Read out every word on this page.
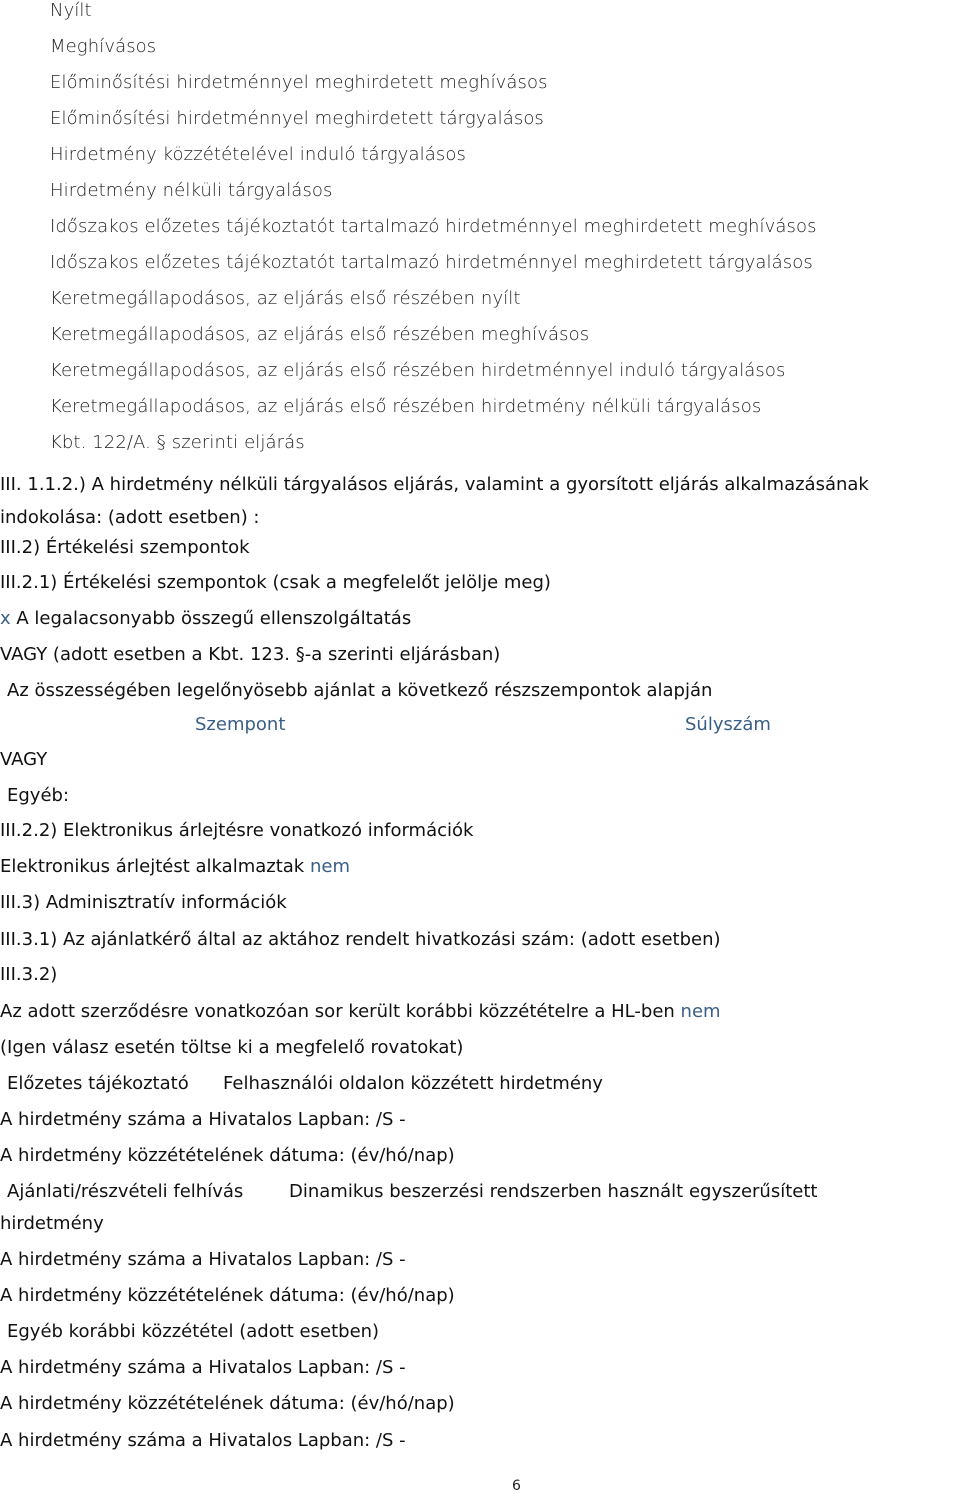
Nyílt
Meghívásos
Előminősítési hirdetménnyel meghirdetett meghívásos
Előminősítési hirdetménnyel meghirdetett tárgyalásos
Hirdetmény közzétételével induló tárgyalásos
Hirdetmény nélküli tárgyalásos
Időszakos előzetes tájékoztatót tartalmazó hirdetménnyel meghirdetett meghívásos
Időszakos előzetes tájékoztatót tartalmazó hirdetménnyel meghirdetett tárgyalásos
Keretmegállapodásos, az eljárás első részében nyílt
Keretmegállapodásos, az eljárás első részében meghívásos
Keretmegállapodásos, az eljárás első részében hirdetménnyel induló tárgyalásos
Keretmegállapodásos, az eljárás első részében hirdetmény nélküli tárgyalásos
Kbt. 122/A. § szerinti eljárás
III. 1.1.2.) A hirdetmény nélküli tárgyalásos eljárás, valamint a gyorsított eljárás alkalmazásának indokolása: (adott esetben) :
III.2) Értékelési szempontok
III.2.1) Értékelési szempontok (csak a megfelelőt jelölje meg)
x A legalacsonyabb összegű ellenszolgáltatás
VAGY (adott esetben a Kbt. 123. §-a szerinti eljárásban)
Az összességében legelőnyösebb ajánlat a következő részszempontok alapján
Szempont	Súlyszám
VAGY
Egyéb:
III.2.2) Elektronikus árlejtésre vonatkozó információk
Elektronikus árlejtést alkalmaztak nem
III.3) Adminisztratív információk
III.3.1) Az ajánlatkérő által az aktához rendelt hivatkozási szám: (adott esetben)
III.3.2)
Az adott szerződésre vonatkozóan sor került korábbi közzétételre a HL-ben nem
(Igen válasz esetén töltse ki a megfelelő rovatokat)
Előzetes tájékoztató Felhasználói oldalon közzétett hirdetmény
A hirdetmény száma a Hivatalos Lapban: /S -
A hirdetmény közzétételének dátuma: (év/hó/nap)
Ajánlati/részvételi felhívás	Dinamikus beszerzési rendszerben használt egyszerűsített
hirdetmény
A hirdetmény száma a Hivatalos Lapban: /S -
A hirdetmény közzétételének dátuma: (év/hó/nap)
Egyéb korábbi közzététel (adott esetben)
A hirdetmény száma a Hivatalos Lapban: /S -
A hirdetmény közzétételének dátuma: (év/hó/nap)
A hirdetmény száma a Hivatalos Lapban: /S -
6
